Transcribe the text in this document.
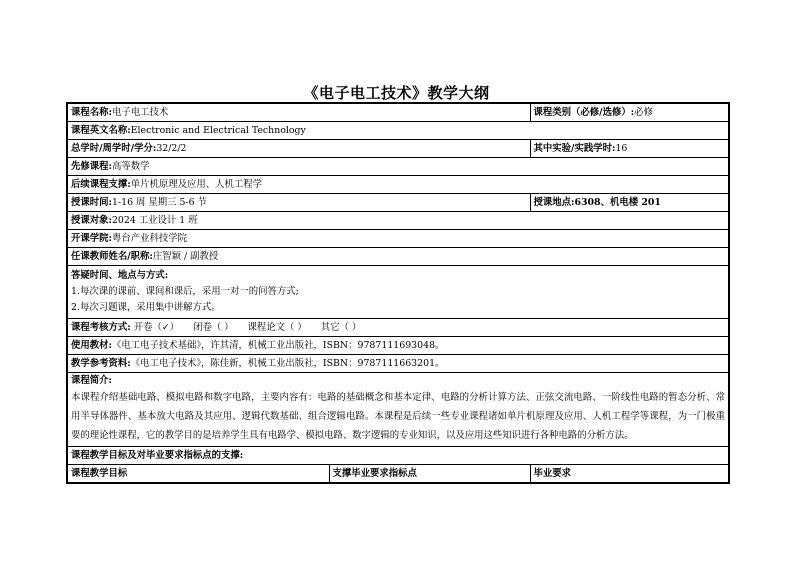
《电子电工技术》教学大纲
课程名称:电子电工技术		课程类别（必修/选修）:必修
课程英文名称:Electronic and Electrical Technology		
总学时/周学时/学分:32/2/2		其中实验/实践学时:16
先修课程:高等数学		
后续课程支撑:单片机原理及应用、人机工程学		
授课时间:1-16 周 星期三 5-6 节		授课地点:6308、机电楼 201
授课对象:2024 工业设计 1 班		
开课学院:粤台产业科技学院		
任课教师姓名/职称:庄智颖 / 副教授		

答疑时间、地点与方式:
1.每次课的课前、课间和课后，采用一对一的问答方式;
2.每次习题课，采用集中讲解方式。		

课程考核方式: 开卷（✓） 闭卷（ ） 课程论文（ ） 其它（ ）		
使用教材:《电工电子技术基础》，许其清，机械工业出版社，ISBN：9787111693048。		
教学参考资料:《电工电子技术》，陈佳新，机械工业出版社，ISBN：9787111663201。		

课程简介:
本课程介绍基础电路、模拟电路和数字电路，主要内容有：电路的基础概念和基本定律、电路的分析计算方法、正弦交流电路、一阶线性电路的暂态分析、常用半导体器件、基本放大电路及其应用、逻辑代数基础、组合逻辑电路。本课程是后续一些专业课程诸如单片机原理及应用、人机工程学等课程，为一门极重要的理论性课程，它的教学目的是培养学生具有电路学、模拟电路、数字逻辑的专业知识，以及应用这些知识进行各种电路的分析方法。		

课程教学目标及对毕业要求指标点的支撑:		
课程教学目标	支撑毕业要求指标点	毕业要求
